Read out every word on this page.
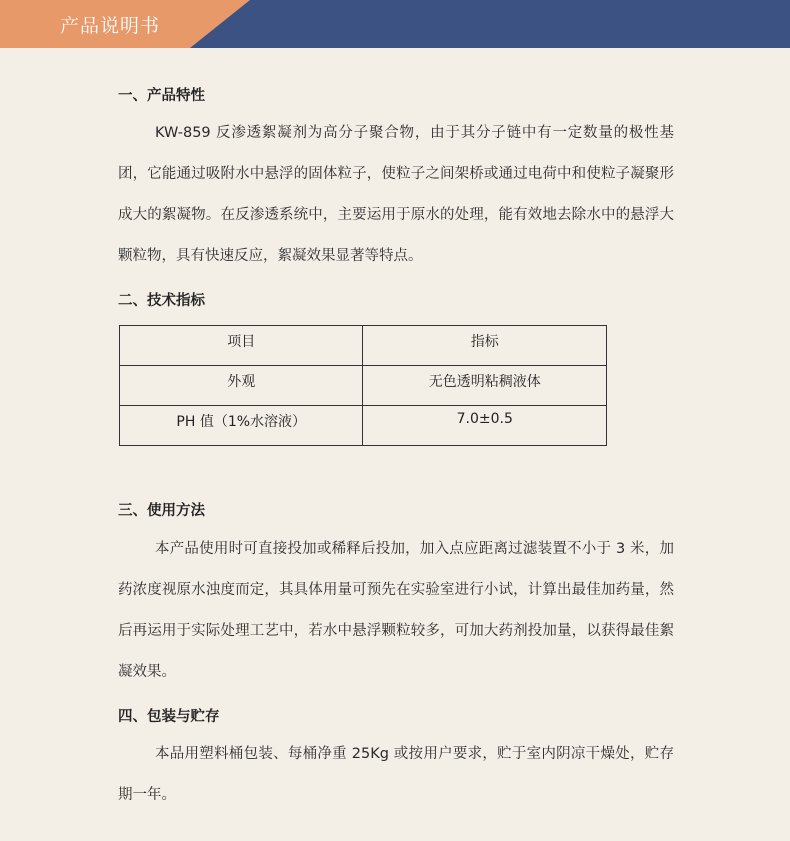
产品说明书
一、产品特性
KW-859 反渗透絮凝剂为高分子聚合物，由于其分子链中有一定数量的极性基团，它能通过吸附水中悬浮的固体粒子，使粒子之间架桥或通过电荷中和使粒子凝聚形成大的絮凝物。在反渗透系统中，主要运用于原水的处理，能有效地去除水中的悬浮大颗粒物，具有快速反应，絮凝效果显著等特点。
二、技术指标
项目	指标
外观	无色透明粘稠液体
PH 值（1%水溶液）	7.0±0.5
三、使用方法
本产品使用时可直接投加或稀释后投加，加入点应距离过滤装置不小于 3 米，加药浓度视原水浊度而定，其具体用量可预先在实验室进行小试，计算出最佳加药量，然后再运用于实际处理工艺中，若水中悬浮颗粒较多，可加大药剂投加量，以获得最佳絮凝效果。
四、包装与贮存
本品用塑料桶包装、每桶净重 25Kg 或按用户要求，贮于室内阴凉干燥处，贮存期一年。
